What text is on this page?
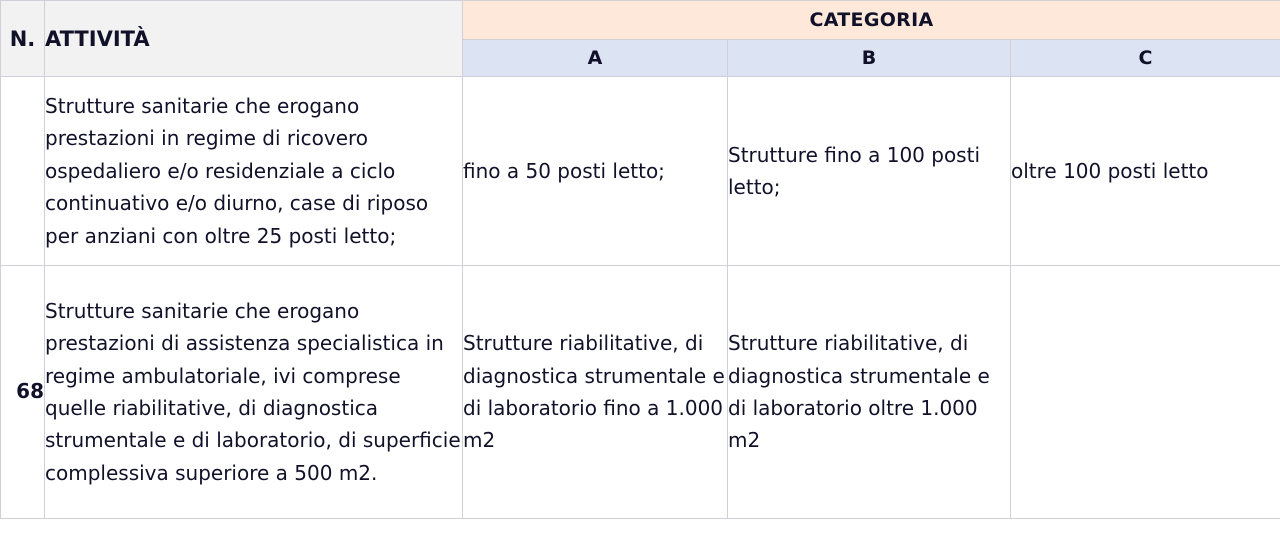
N.	ATTIVITÀ	CATEGORIA		
		A	B	C
	Strutture sanitarie che erogano prestazioni in regime di ricovero ospedaliero e/o residenziale a ciclo continuativo e/o diurno, case di riposo per anziani con oltre 25 posti letto;	fino a 50 posti letto;	Strutture fino a 100 posti letto;	oltre 100 posti letto
68	Strutture sanitarie che erogano prestazioni di assistenza specialistica in regime ambulatoriale, ivi comprese quelle riabilitative, di diagnostica strumentale e di laboratorio, di superficie complessiva superiore a 500 m2.	Strutture riabilitative, di diagnostica strumentale e di laboratorio fino a 1.000 m2	Strutture riabilitative, di diagnostica strumentale e di laboratorio oltre 1.000 m2	
